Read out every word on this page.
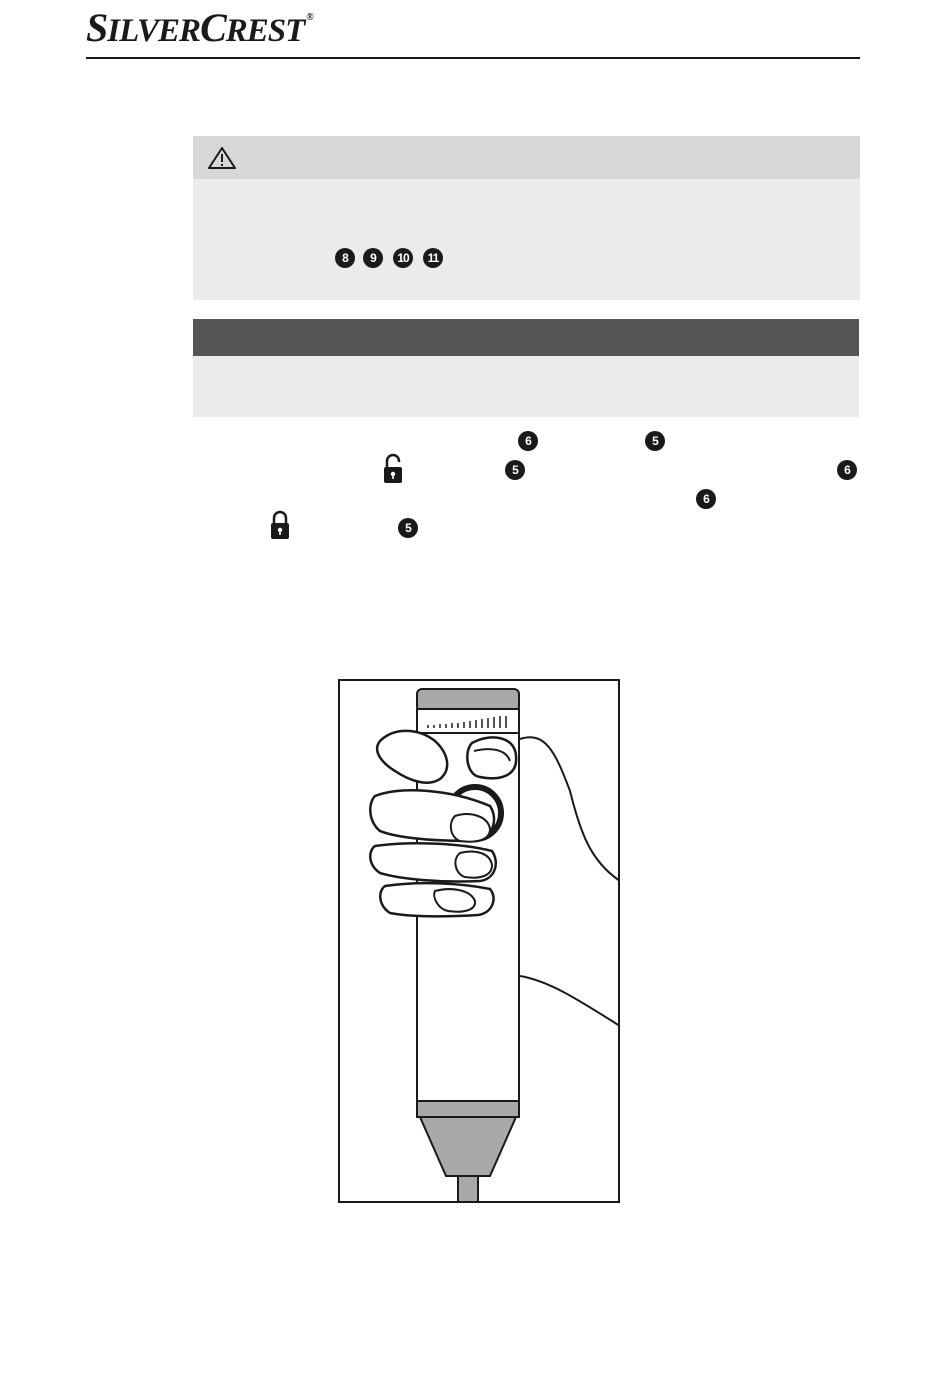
SILVERCREST ®
8	9	10	11
6	5
5	6
6
5
